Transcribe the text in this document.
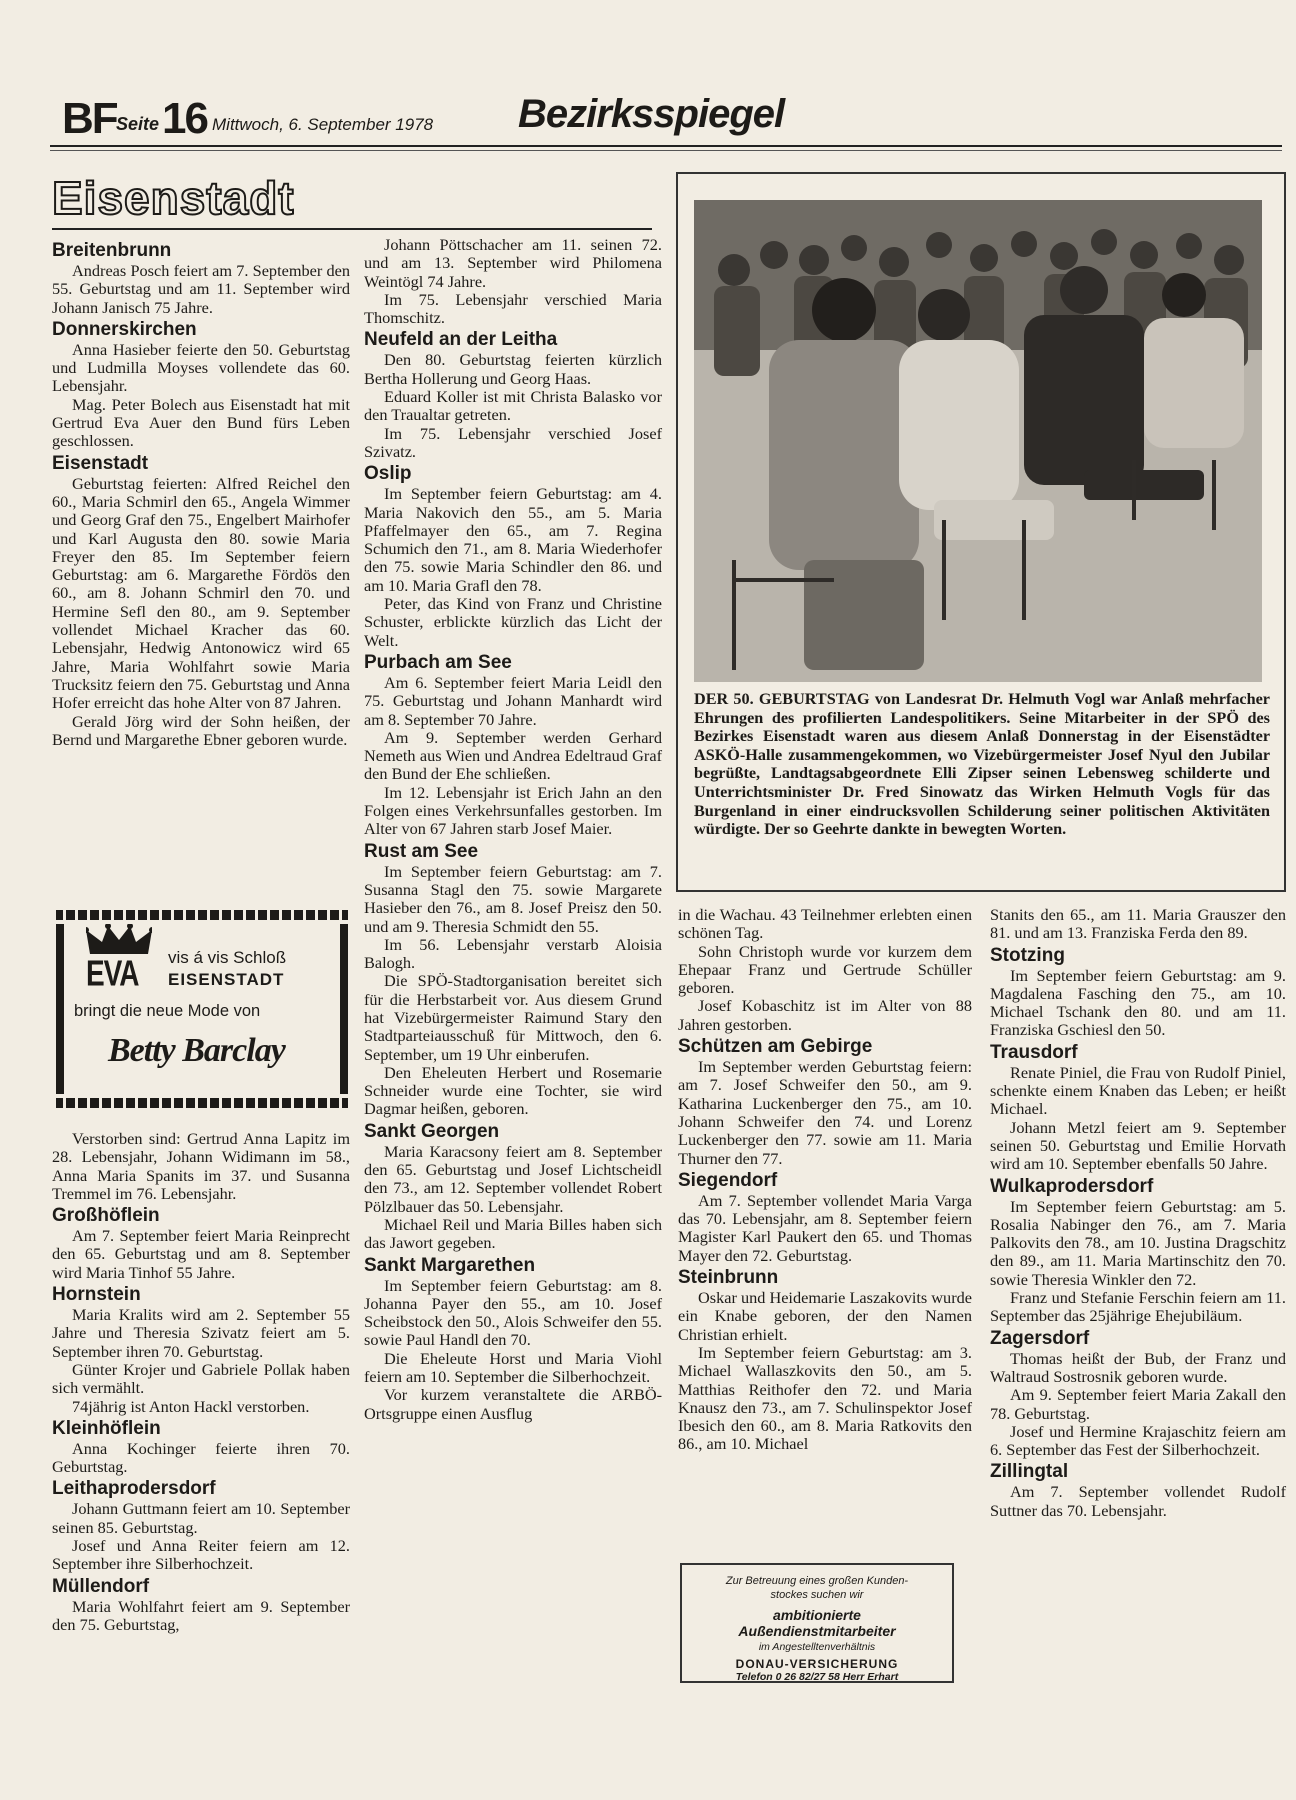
BF Seite 16 Mittwoch, 6. September 1978 Bezirksspiegel
Eisenstadt
Breitenbrunn

Andreas Posch feiert am 7. September den 55. Geburtstag und am 11. September wird Johann Janisch 75 Jahre.

Donnerskirchen

Anna Hasieber feierte den 50. Geburtstag und Ludmilla Moyses vollendete das 60. Lebensjahr.

Mag. Peter Bolech aus Eisenstadt hat mit Gertrud Eva Auer den Bund fürs Leben geschlossen.

Eisenstadt

Geburtstag feierten: Alfred Reichel den 60., Maria Schmirl den 65., Angela Wimmer und Georg Graf den 75., Engelbert Mairhofer und Karl Augusta den 80. sowie Maria Freyer den 85. Im September feiern Geburtstag: am 6. Margarethe Fördös den 60., am 8. Johann Schmirl den 70. und Hermine Sefl den 80., am 9. September vollendet Michael Kracher das 60. Lebensjahr, Hedwig Antonowicz wird 65 Jahre, Maria Wohlfahrt sowie Maria Trucksitz feiern den 75. Geburtstag und Anna Hofer erreicht das hohe Alter von 87 Jahren.

Gerald Jörg wird der Sohn heißen, der Bernd und Margarethe Ebner geboren wurde.

EVA vis á vis Schloß
EISENSTADT
bringt die neue Mode von
Betty Barclay

Verstorben sind: Gertrud Anna Lapitz im 28. Lebensjahr, Johann Widimann im 58., Anna Maria Spanits im 37. und Susanna Tremmel im 76. Lebensjahr.

Großhöflein

Am 7. September feiert Maria Reinprecht den 65. Geburtstag und am 8. September wird Maria Tinhof 55 Jahre.

Hornstein

Maria Kralits wird am 2. September 55 Jahre und Theresia Szivatz feiert am 5. September ihren 70. Geburtstag.

Günter Krojer und Gabriele Pollak haben sich vermählt.

74jährig ist Anton Hackl verstorben.

Kleinhöflein

Anna Kochinger feierte ihren 70. Geburtstag.

Leithaprodersdorf

Johann Guttmann feiert am 10. September seinen 85. Geburtstag.

Josef und Anna Reiter feiern am 12. September ihre Silberhochzeit.

Müllendorf

Maria Wohlfahrt feiert am 9. September den 75. Geburtstag,

Johann Pöttschacher am 11. seinen 72. und am 13. September wird Philomena Weintögl 74 Jahre.

Im 75. Lebensjahr verschied Maria Thomschitz.

Neufeld an der Leitha

Den 80. Geburtstag feierten kürzlich Bertha Hollerung und Georg Haas.

Eduard Koller ist mit Christa Balasko vor den Traualtar getreten.

Im 75. Lebensjahr verschied Josef Szivatz.

Oslip

Im September feiern Geburtstag: am 4. Maria Nakovich den 55., am 5. Maria Pfaffelmayer den 65., am 7. Regina Schumich den 71., am 8. Maria Wiederhofer den 75. sowie Maria Schindler den 86. und am 10. Maria Grafl den 78.

Peter, das Kind von Franz und Christine Schuster, erblickte kürzlich das Licht der Welt.

Purbach am See

Am 6. September feiert Maria Leidl den 75. Geburtstag und Johann Manhardt wird am 8. September 70 Jahre.

Am 9. September werden Gerhard Nemeth aus Wien und Andrea Edeltraud Graf den Bund der Ehe schließen.

Im 12. Lebensjahr ist Erich Jahn an den Folgen eines Verkehrsunfalles gestorben. Im Alter von 67 Jahren starb Josef Maier.

Rust am See

Im September feiern Geburtstag: am 7. Susanna Stagl den 75. sowie Margarete Hasieber den 76., am 8. Josef Preisz den 50. und am 9. Theresia Schmidt den 55.

Im 56. Lebensjahr verstarb Aloisia Balogh.

Die SPÖ-Stadtorganisation bereitet sich für die Herbstarbeit vor. Aus diesem Grund hat Vizebürgermeister Raimund Stary den Stadtparteiausschuß für Mittwoch, den 6. September, um 19 Uhr einberufen.

Den Eheleuten Herbert und Rosemarie Schneider wurde eine Tochter, sie wird Dagmar heißen, geboren.

Sankt Georgen

Maria Karacsony feiert am 8. September den 65. Geburtstag und Josef Lichtscheidl den 73., am 12. September vollendet Robert Pölzlbauer das 50. Lebensjahr.

Michael Reil und Maria Billes haben sich das Jawort gegeben.

Sankt Margarethen

Im September feiern Geburtstag: am 8. Johanna Payer den 55., am 10. Josef Scheibstock den 50., Alois Schweifer den 55. sowie Paul Handl den 70.

Die Eheleute Horst und Maria Viohl feiern am 10. September die Silberhochzeit.

Vor kurzem veranstaltete die ARBÖ-Ortsgruppe einen Ausflug

DER 50. GEBURTSTAG von Landesrat Dr. Helmuth Vogl war Anlaß mehrfacher Ehrungen des profilierten Landespolitikers. Seine Mitarbeiter in der SPÖ des Bezirkes Eisenstadt waren aus diesem Anlaß Donnerstag in der Eisenstädter ASKÖ-Halle zusammengekommen, wo Vizebürgermeister Josef Nyul den Jubilar begrüßte, Landtagsabgeordnete Elli Zipser seinen Lebensweg schilderte und Unterrichtsminister Dr. Fred Sinowatz das Wirken Helmuth Vogls für das Burgenland in einer eindrucksvollen Schilderung seiner politischen Aktivitäten würdigte. Der so Geehrte dankte in bewegten Worten.

in die Wachau. 43 Teilnehmer erlebten einen schönen Tag.

Sohn Christoph wurde vor kurzem dem Ehepaar Franz und Gertrude Schüller geboren.

Josef Kobaschitz ist im Alter von 88 Jahren gestorben.

Schützen am Gebirge

Im September werden Geburtstag feiern: am 7. Josef Schweifer den 50., am 9. Katharina Luckenberger den 75., am 10. Johann Schweifer den 74. und Lorenz Luckenberger den 77. sowie am 11. Maria Thurner den 77.

Siegendorf

Am 7. September vollendet Maria Varga das 70. Lebensjahr, am 8. September feiern Magister Karl Paukert den 65. und Thomas Mayer den 72. Geburtstag.

Steinbrunn

Oskar und Heidemarie Laszakovits wurde ein Knabe geboren, der den Namen Christian erhielt.

Im September feiern Geburtstag: am 3. Michael Wallaszkovits den 50., am 5. Matthias Reithofer den 72. und Maria Knausz den 73., am 7. Schulinspektor Josef Ibesich den 60., am 8. Maria Ratkovits den 86., am 10. Michael

Zur Betreuung eines großen Kunden-
stockes suchen wir
ambitionierte
Außendienstmitarbeiter
im Angestelltenverhältnis
DONAU-VERSICHERUNG
Telefon 0 26 82/27 58 Herr Erhart

Stanits den 65., am 11. Maria Grauszer den 81. und am 13. Franziska Ferda den 89.

Stotzing

Im September feiern Geburtstag: am 9. Magdalena Fasching den 75., am 10. Michael Tschank den 80. und am 11. Franziska Gschiesl den 50.

Trausdorf

Renate Piniel, die Frau von Rudolf Piniel, schenkte einem Knaben das Leben; er heißt Michael.

Johann Metzl feiert am 9. September seinen 50. Geburtstag und Emilie Horvath wird am 10. September ebenfalls 50 Jahre.

Wulkaprodersdorf

Im September feiern Geburtstag: am 5. Rosalia Nabinger den 76., am 7. Maria Palkovits den 78., am 10. Justina Dragschitz den 89., am 11. Maria Martinschitz den 70. sowie Theresia Winkler den 72.

Franz und Stefanie Ferschin feiern am 11. September das 25jährige Ehejubiläum.

Zagersdorf

Thomas heißt der Bub, der Franz und Waltraud Sostrosnik geboren wurde.

Am 9. September feiert Maria Zakall den 78. Geburtstag.

Josef und Hermine Krajaschitz feiern am 6. September das Fest der Silberhochzeit.

Zillingtal

Am 7. September vollendet Rudolf Suttner das 70. Lebensjahr.
